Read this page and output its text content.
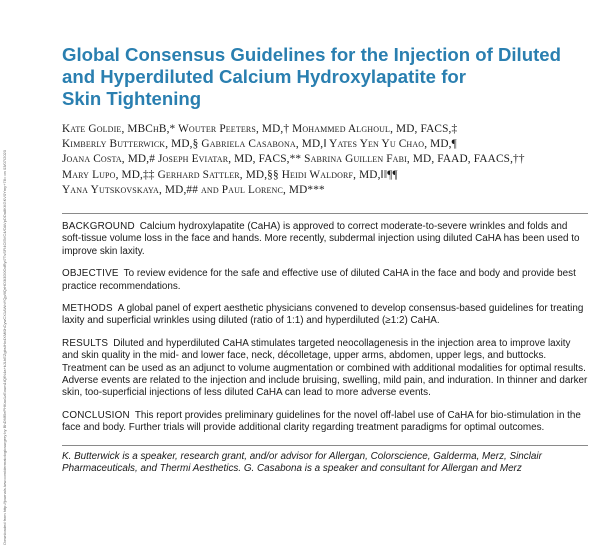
Downloaded from http://journals.lww.com/dermatologicsurgery by BhDMf5ePHKav1zEoum1tQfN4a+kJLhEZgbsIHo4XMi0hCywCX1AWnYQp/IlQrHD3i3D0OdRyi7TvSFl4Cf3VC4/OAVpDDa8KKGKV0Ymy+78= on 03/07/2020
Global Consensus Guidelines for the Injection of Diluted
and Hyperdiluted Calcium Hydroxylapatite for
Skin Tightening
Kate Goldie, MBChB,* Wouter Peeters, MD,† Mohammed Alghoul, MD, FACS,‡
Kimberly Butterwick, MD,§ Gabriela Casabona, MD,‖ Yates Yen Yu Chao, MD,¶
Joana Costa, MD,# Joseph Eviatar, MD, FACS,** Sabrina Guillen Fabi, MD, FAAD, FAACS,††
Mary Lupo, MD,‡‡ Gerhard Sattler, MD,§§ Heidi Waldorf, MD,‖‖¶¶
Yana Yutskovskaya, MD,## and Paul Lorenc, MD***

BACKGROUND Calcium hydroxylapatite (CaHA) is approved to correct moderate-to-severe wrinkles and folds and soft-tissue volume loss in the face and hands. More recently, subdermal injection using diluted CaHA has been used to improve skin laxity.

OBJECTIVE To review evidence for the safe and effective use of diluted CaHA in the face and body and provide best practice recommendations.

METHODS A global panel of expert aesthetic physicians convened to develop consensus-based guidelines for treating laxity and superficial wrinkles using diluted (ratio of 1:1) and hyperdiluted (≥1:2) CaHA.

RESULTS Diluted and hyperdiluted CaHA stimulates targeted neocollagenesis in the injection area to improve laxity and skin quality in the mid- and lower face, neck, décolletage, upper arms, abdomen, upper legs, and buttocks. Treatment can be used as an adjunct to volume augmentation or combined with additional modalities for optimal results. Adverse events are related to the injection and include bruising, swelling, mild pain, and induration. In thinner and darker skin, too-superficial injections of less diluted CaHA can lead to more adverse events.

CONCLUSION This report provides preliminary guidelines for the novel off-label use of CaHA for bio-stimulation in the face and body. Further trials will provide additional clarity regarding treatment paradigms for optimal outcomes.

K. Butterwick is a speaker, research grant, and/or advisor for Allergan, Colorscience, Galderma, Merz, Sinclair Pharmaceuticals, and Thermi Aesthetics. G. Casabona is a speaker and consultant for Allergan and Merz
